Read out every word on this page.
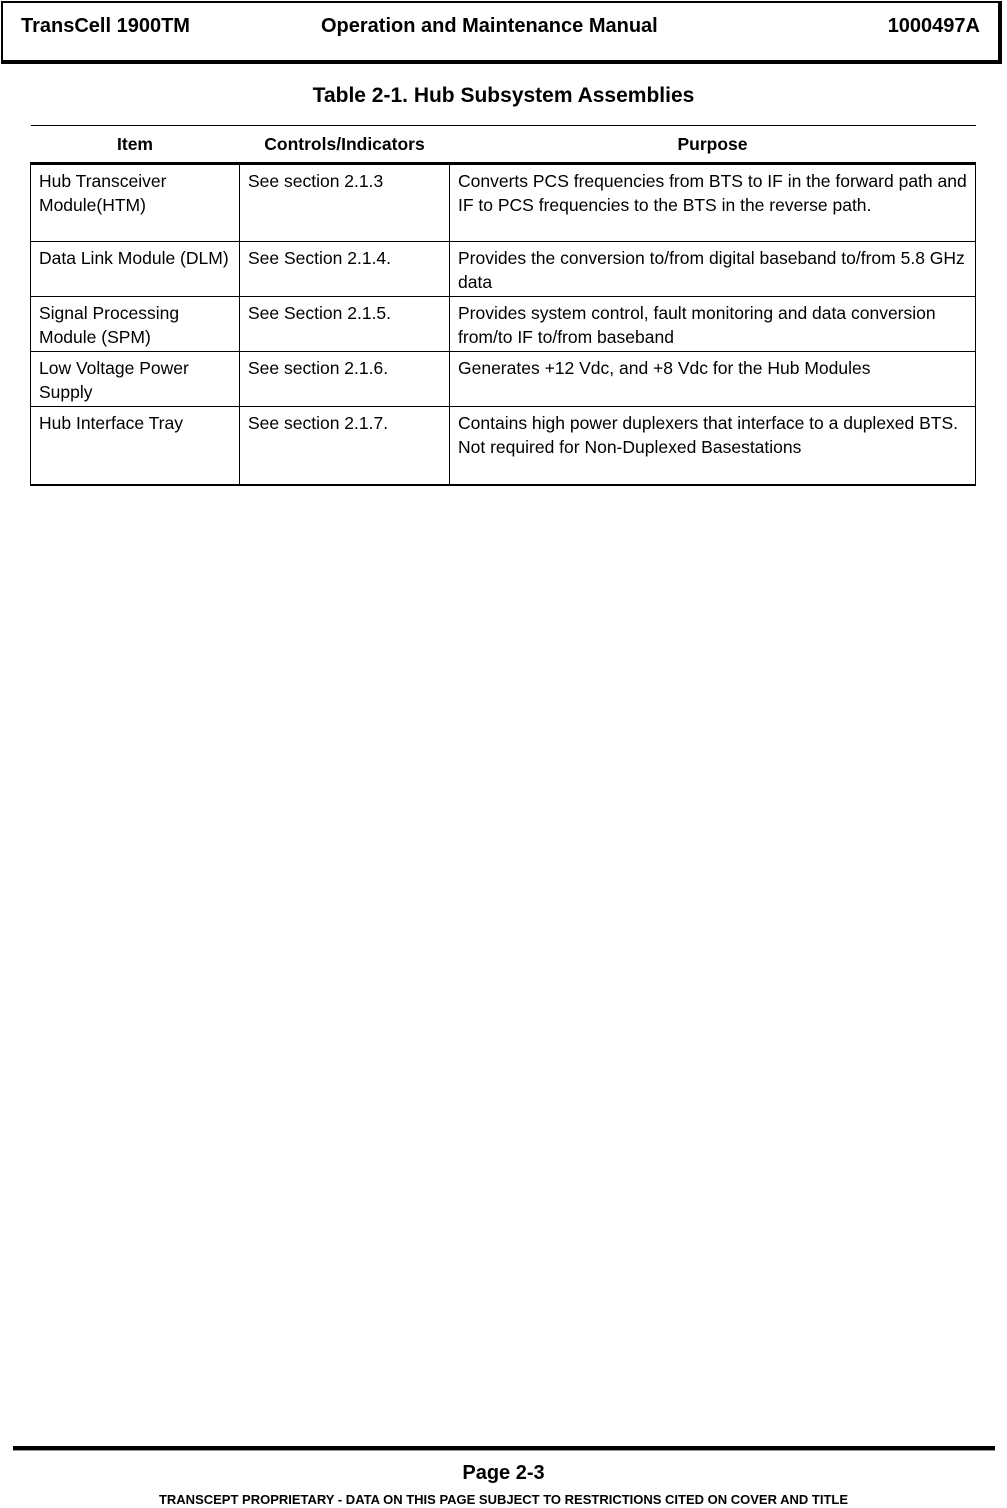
TransCell 1900TM	Operation and Maintenance Manual	1000497A
Table 2-1. Hub Subsystem Assemblies
Item	Controls/Indicators	Purpose
Hub Transceiver Module(HTM)	See section 2.1.3	Converts PCS frequencies from BTS to IF in the forward path and IF to PCS frequencies to the BTS in the reverse path.
Data Link Module (DLM)	See Section 2.1.4.	Provides the conversion to/from digital baseband to/from 5.8 GHz data
Signal Processing Module (SPM)	See Section 2.1.5.	Provides system control, fault monitoring and data conversion from/to IF to/from baseband
Low Voltage Power Supply	See section 2.1.6.	Generates +12 Vdc, and +8 Vdc for the Hub Modules
Hub Interface Tray	See section 2.1.7.	Contains high power duplexers that interface to a duplexed BTS. Not required for Non-Duplexed Basestations
Page 2-3
TRANSCEPT PROPRIETARY - DATA ON THIS PAGE SUBJECT TO RESTRICTIONS CITED ON COVER AND TITLE
